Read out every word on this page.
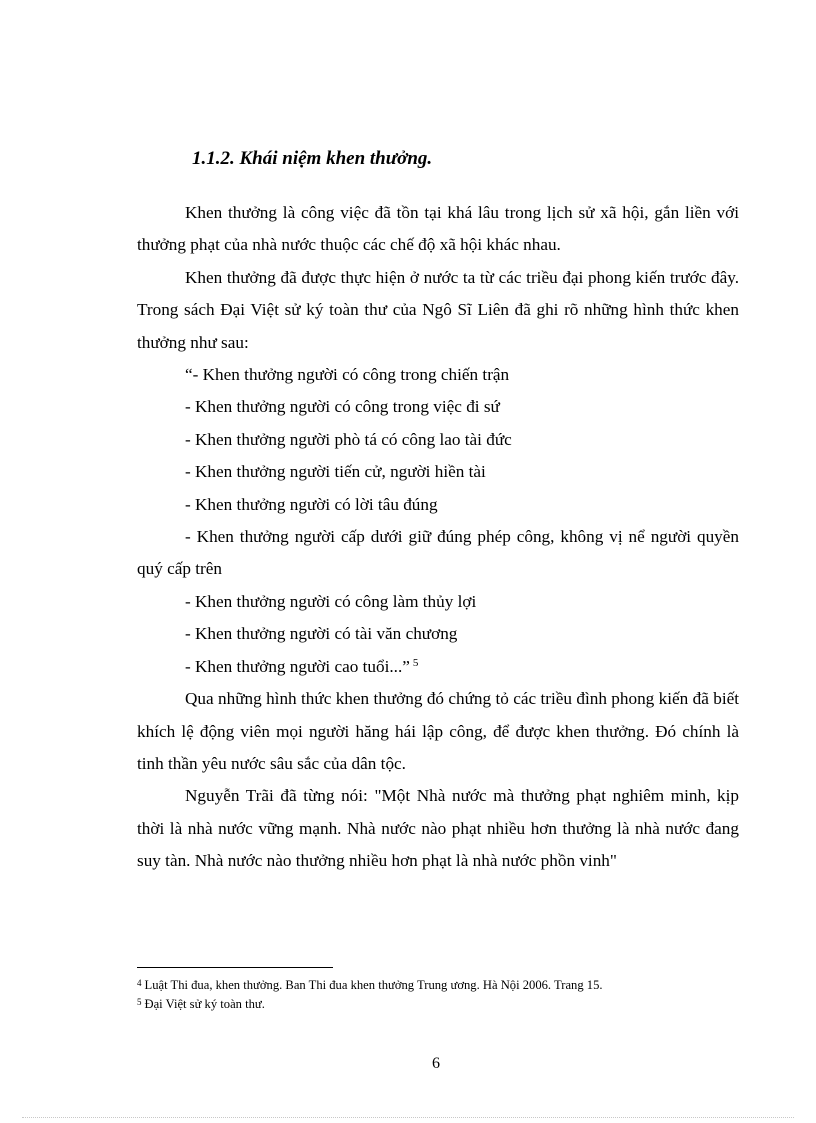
1.1.2. Khái niệm khen thưởng.

Khen thưởng là công việc đã tồn tại khá lâu trong lịch sử xã hội, gắn liền với thưởng phạt của nhà nước thuộc các chế độ xã hội khác nhau.

Khen thưởng đã được thực hiện ở nước ta từ các triều đại phong kiến trước đây. Trong sách Đại Việt sử ký toàn thư của Ngô Sĩ Liên đã ghi rõ những hình thức khen thưởng như sau:

“- Khen thưởng người có công trong chiến trận

- Khen thưởng người có công trong việc đi sứ

- Khen thưởng người phò tá có công lao tài đức

- Khen thưởng người tiến cử, người hiền tài

- Khen thưởng người có lời tâu đúng

- Khen thưởng người cấp dưới giữ đúng phép công, không vị nể người quyền quý cấp trên

- Khen thưởng người có công làm thủy lợi

- Khen thưởng người có tài văn chương

- Khen thưởng người cao tuổi...” $^5$

Qua những hình thức khen thưởng đó chứng tỏ các triều đình phong kiến đã biết khích lệ động viên mọi người hăng hái lập công, để được khen thưởng. Đó chính là tinh thần yêu nước sâu sắc của dân tộc.

Nguyễn Trãi đã từng nói: "Một Nhà nước mà thưởng phạt nghiêm minh, kịp thời là nhà nước vững mạnh. Nhà nước nào phạt nhiều hơn thưởng là nhà nước đang suy tàn. Nhà nước nào thưởng nhiều hơn phạt là nhà nước phồn vinh"

$^4$ Luật Thi đua, khen thưởng. Ban Thi đua khen thưởng Trung ương. Hà Nội 2006. Trang 15.
$^5$ Đại Việt sử ký toàn thư.
6
